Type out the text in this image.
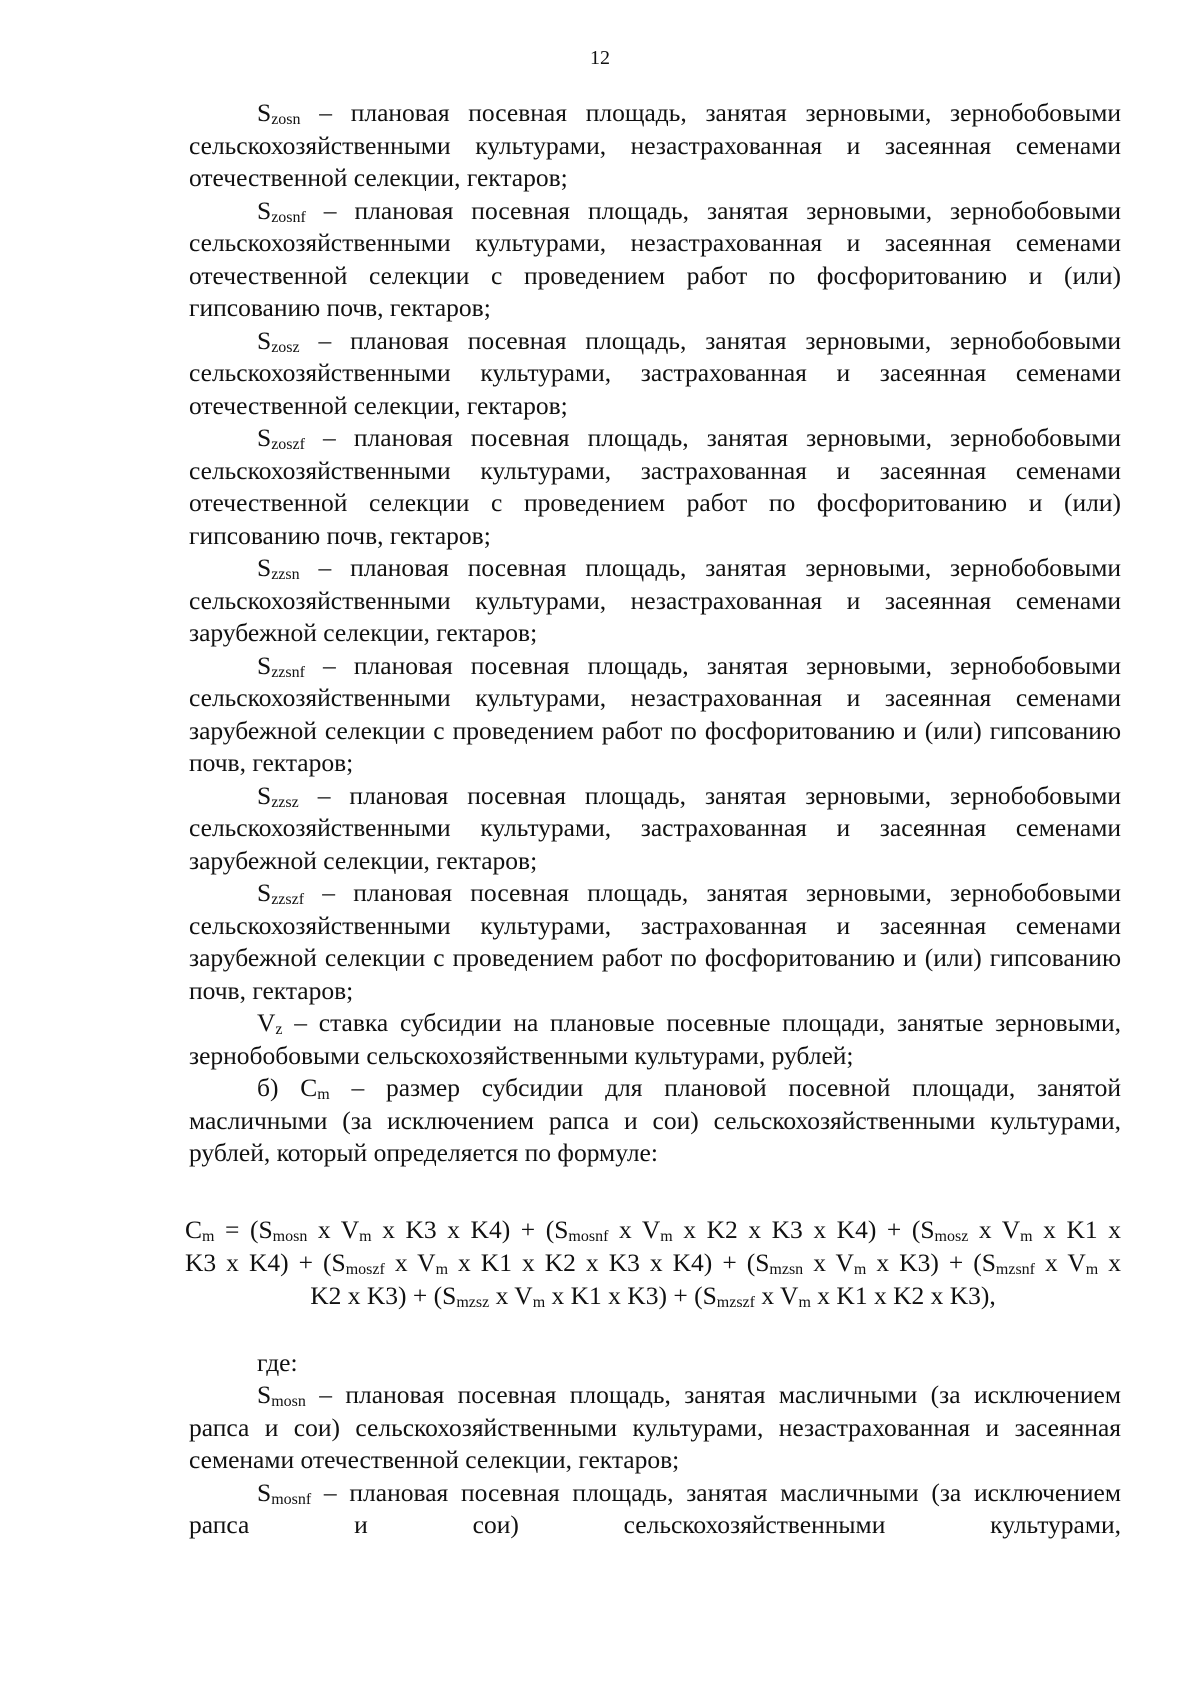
12

Szosn – плановая посевная площадь, занятая зерновыми, зернобобовыми сельскохозяйственными культурами, незастрахованная и засеянная семенами отечественной селекции, гектаров;

Szosnf – плановая посевная площадь, занятая зерновыми, зернобобовыми сельскохозяйственными культурами, незастрахованная и засеянная семенами отечественной селекции с проведением работ по фосфоритованию и (или) гипсованию почв, гектаров;

Szosz – плановая посевная площадь, занятая зерновыми, зернобобовыми сельскохозяйственными культурами, застрахованная и засеянная семенами отечественной селекции, гектаров;

Szoszf – плановая посевная площадь, занятая зерновыми, зернобобовыми сельскохозяйственными культурами, застрахованная и засеянная семенами отечественной селекции с проведением работ по фосфоритованию и (или) гипсованию почв, гектаров;

Szzsn – плановая посевная площадь, занятая зерновыми, зернобобовыми сельскохозяйственными культурами, незастрахованная и засеянная семенами зарубежной селекции, гектаров;

Szzsnf – плановая посевная площадь, занятая зерновыми, зернобобовыми сельскохозяйственными культурами, незастрахованная и засеянная семенами зарубежной селекции с проведением работ по фосфоритованию и (или) гипсованию почв, гектаров;

Szzsz – плановая посевная площадь, занятая зерновыми, зернобобовыми сельскохозяйственными культурами, застрахованная и засеянная семенами зарубежной селекции, гектаров;

Szzszf – плановая посевная площадь, занятая зерновыми, зернобобовыми сельскохозяйственными культурами, застрахованная и засеянная семенами зарубежной селекции с проведением работ по фосфоритованию и (или) гипсованию почв, гектаров;

Vz – ставка субсидии на плановые посевные площади, занятые зерновыми, зернобобовыми сельскохозяйственными культурами, рублей;

б) Cm – размер субсидии для плановой посевной площади, занятой масличными (за исключением рапса и сои) сельскохозяйственными культурами, рублей, который определяется по формуле:

Cm = (Smosn x Vm x K3 x K4) + (Smosnf x Vm x K2 x K3 x K4) + (Smosz x Vm x K1 x
K3 x K4) + (Smoszf x Vm x K1 x K2 x K3 x K4) + (Smzsn x Vm x K3) + (Smzsnf x Vm x
K2 x K3) + (Smzsz x Vm x K1 x K3) + (Smzszf x Vm x K1 x K2 x K3),

где:

Smosn – плановая посевная площадь, занятая масличными (за исключением рапса и сои) сельскохозяйственными культурами, незастрахованная и засеянная семенами отечественной селекции, гектаров;

Smosnf – плановая посевная площадь, занятая масличными (за исключением рапса и сои) сельскохозяйственными культурами,
